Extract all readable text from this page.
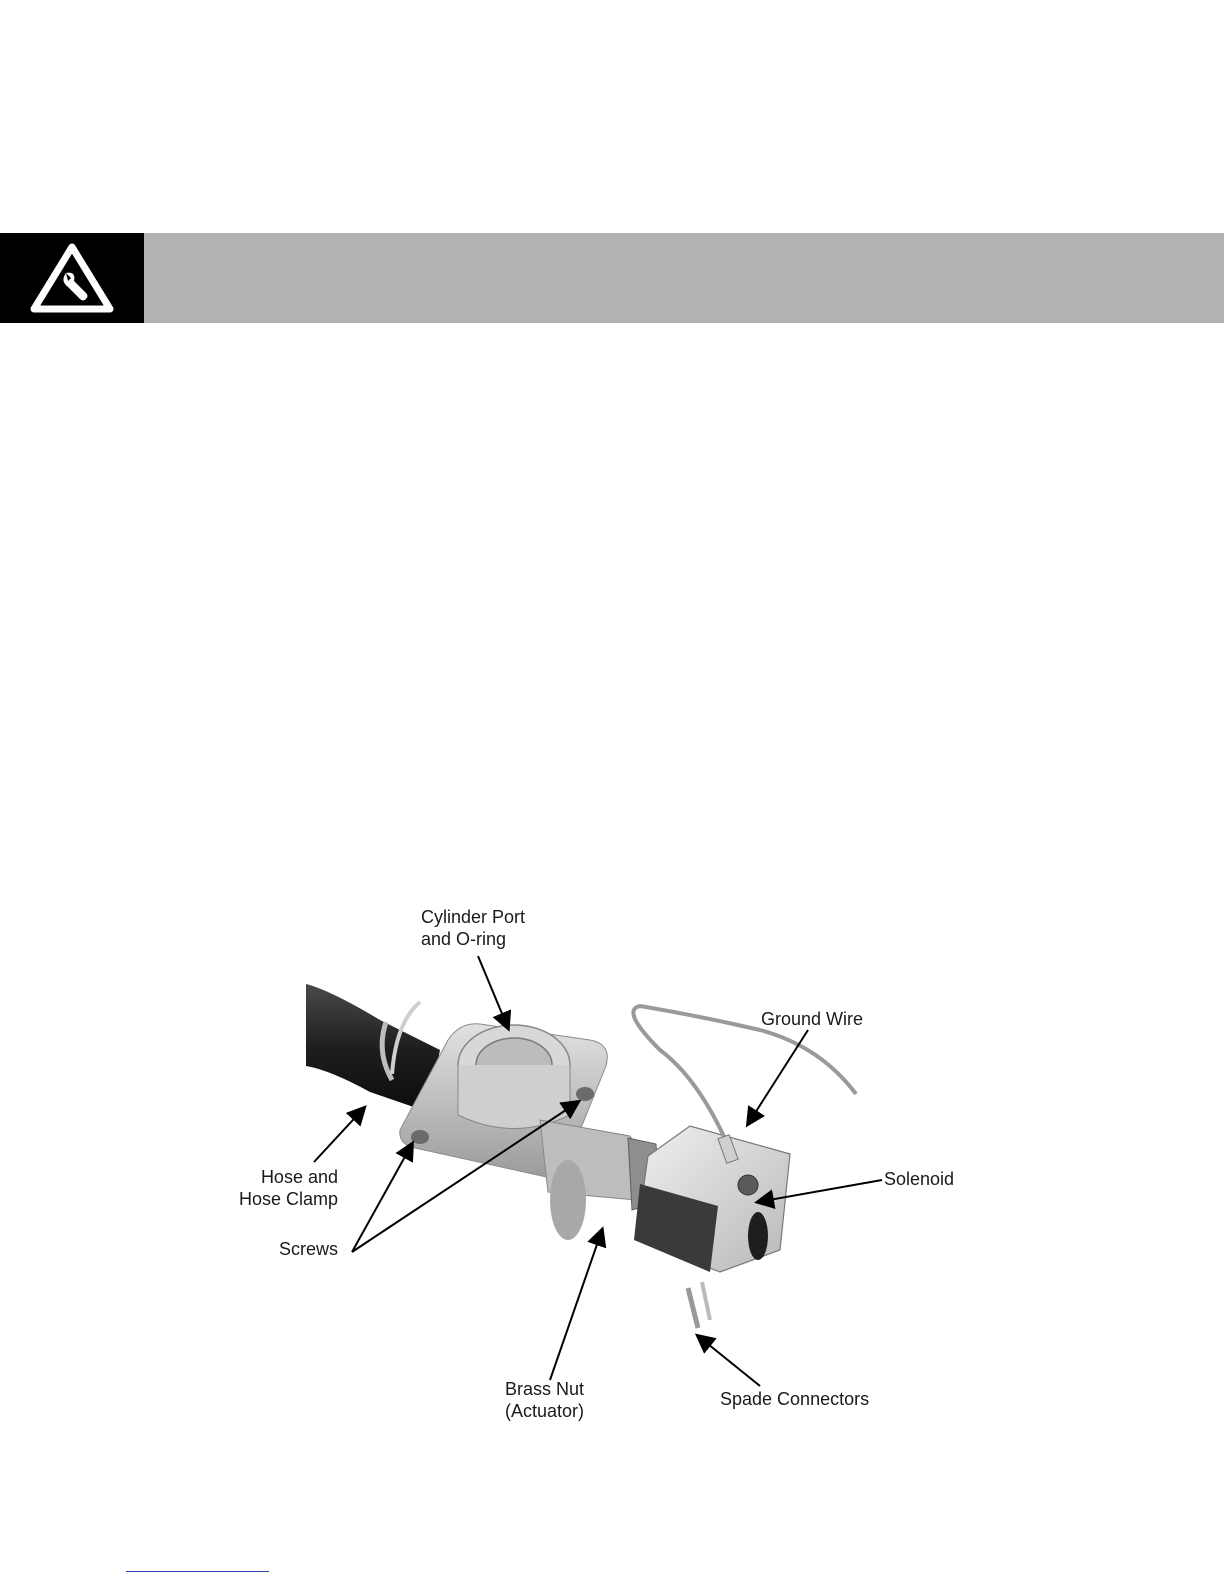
Cylinder Port
and O-ring
Ground Wire
Hose and
Hose Clamp
Solenoid
Screws
Brass Nut
(Actuator)
Spade Connectors
